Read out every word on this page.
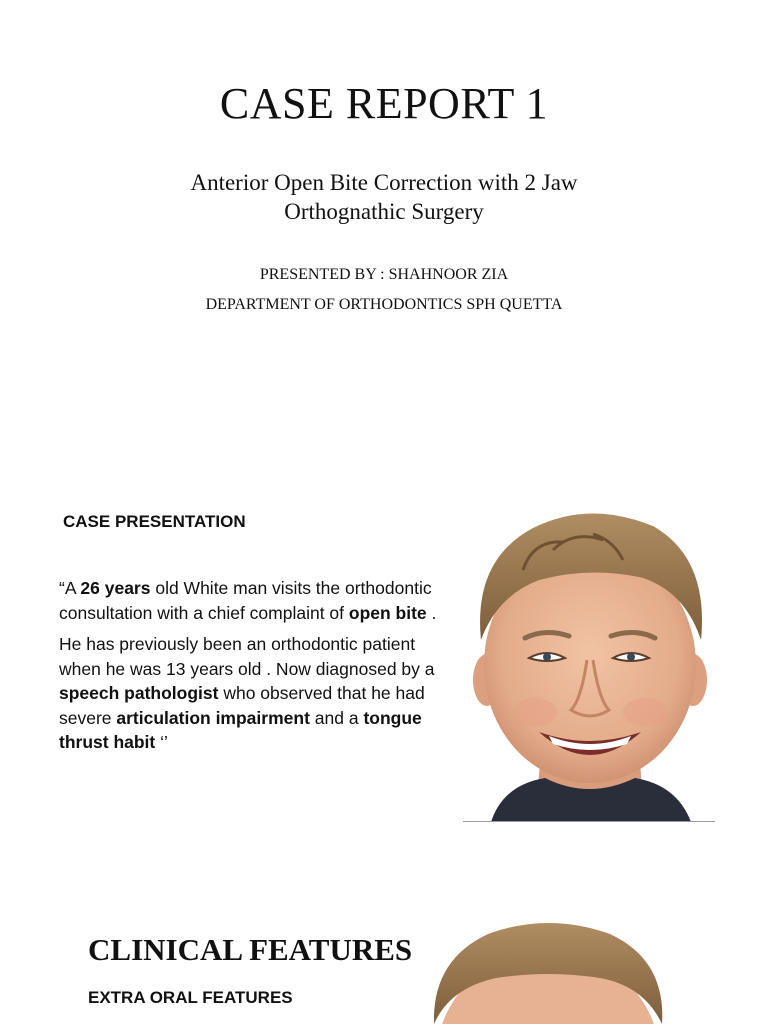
CASE REPORT 1
Anterior Open Bite Correction with 2 Jaw
Orthognathic Surgery
PRESENTED BY : SHAHNOOR ZIA
DEPARTMENT OF ORTHODONTICS SPH QUETTA
CASE PRESENTATION

“A 26 years old White man visits the orthodontic consultation with a chief complaint of open bite .

He has previously been an orthodontic patient when he was 13 years old . Now diagnosed by a speech pathologist who observed that he had severe articulation impairment and a tongue thrust habit ‘’

CLINICAL FEATURES
EXTRA ORAL FEATURES
